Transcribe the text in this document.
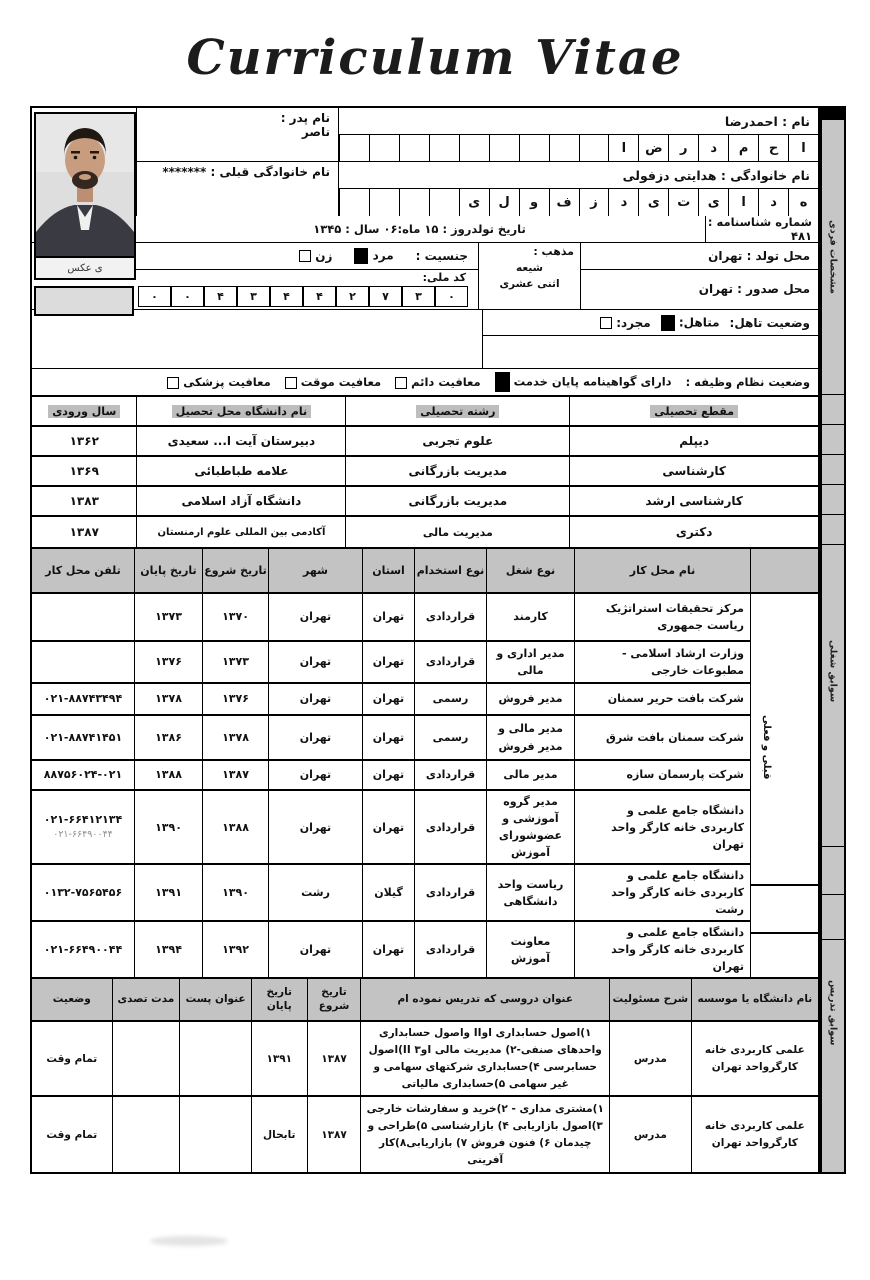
Curriculum Vitae
نام : احمدرضا
ا
ح
م
د
ر
ض
ا
نام خانوادگی : هدایتی دزفولی
ه
د
ا
ی
ت
ی
د
ز
ف
و
ل
ی
نام پدر :
ناصر
نام خانوادگی قبلی : *******
شماره شناسنامه : ۴۸۱
تاریخ تولدروز : ۱۵ ماه:۰۶ سال : ۱۳۴۵
محل تولد : تهران
محل صدور : تهران
مذهب :
شیعه
اثنی عشری
جنسیت :
مرد
زن
کد ملی:
۰
۳
۷
۲
۴
۴
۳
۴
۰
۰
وضعیت تاهل:
متاهل:
مجرد:
وضعیت نظام وظیفه :
دارای گواهینامه پایان خدمت
معافیت دائم
معافیت موقت
معافیت پزشکی
ی عکس
مقطع تحصیلی
رشته تحصیلی
نام دانشگاه محل تحصیل
سال ورودی
دیپلم
علوم تجربی
دبیرستان آیت ا... سعیدی
۱۳۶۲
کارشناسی
مدیریت بازرگانی
علامه طباطبائی
۱۳۶۹
کارشناسی ارشد
مدیریت بازرگانی
دانشگاه آزاد اسلامی
۱۳۸۳
دکتری
مدیریت مالی
آکادمی بین المللی علوم ارمنستان
۱۳۸۷
قبلی و فعلی
نام محل کار
نوع شغل
نوع استخدام
استان
شهر
تاریخ شروع
تاریخ پایان
تلفن محل کار
مرکز تحقیقات استراتژیک ریاست جمهوری
کارمند
قراردادی
تهران
تهران
۱۳۷۰
۱۳۷۳
وزارت ارشاد اسلامی - مطبوعات خارجی
مدیر اداری و مالی
قراردادی
تهران
تهران
۱۳۷۳
۱۳۷۶
شرکت بافت حریر سمنان
مدیر فروش
رسمی
تهران
تهران
۱۳۷۶
۱۳۷۸
۰۲۱-۸۸۷۴۳۴۹۴
شرکت سمنان بافت شرق
مدیر مالی و مدیر فروش
رسمی
تهران
تهران
۱۳۷۸
۱۳۸۶
۰۲۱-۸۸۷۴۱۴۵۱
شرکت پارسمان سازه
مدیر مالی
قراردادی
تهران
تهران
۱۳۸۷
۱۳۸۸
۸۸۷۵۶۰۲۴-۰۲۱
دانشگاه جامع علمی و کاربردی خانه کارگر واحد تهران
مدیر گروه آموزشی و عضوشورای آموزش
قراردادی
تهران
تهران
۱۳۸۸
۱۳۹۰
۰۲۱-۶۶۴۱۲۱۳۴
۰۲۱-۶۶۴۹۰۰۴۴
دانشگاه جامع علمی و کاربردی خانه کارگر واحد رشت
ریاست واحد دانشگاهی
قراردادی
گیلان
رشت
۱۳۹۰
۱۳۹۱
۰۱۳۲-۷۵۶۵۴۵۶
دانشگاه جامع علمی و کاربردی خانه کارگر واحد تهران
معاونت آموزش
قراردادی
تهران
تهران
۱۳۹۲
۱۳۹۴
۰۲۱-۶۶۴۹۰۰۴۴
نام دانشگاه یا موسسه
شرح مسئولیت
عنوان دروسی که تدریس نموده ام
تاریخ شروع
تاریخ پایان
عنوان پست
مدت تصدی
وضعیت
علمی کاربردی خانه کارگرواحد تهران
مدرس
۱)اصول حسابداری IوII واصول حسابداری واحدهای صنفی-۲) مدیریت مالی IوII ۳)اصول حسابرسی ۴)حسابداری شرکتهای سهامی و غیر سهامی ۵)حسابداری مالیاتی
۱۳۸۷
۱۳۹۱
تمام وقت
علمی کاربردی خانه کارگرواحد تهران
مدرس
۱)مشتری مداری - ۲)خرید و سفارشات خارجی ۳)اصول بازاریابی ۴) بازارشناسی ۵)طراحی و چیدمان ۶) فنون فروش ۷) بازاریابی۸)کار آفرینی
۱۳۸۷
تابحال
تمام وقت
مشخصات فردی
سوابق شغلی
سوابق تدریس
